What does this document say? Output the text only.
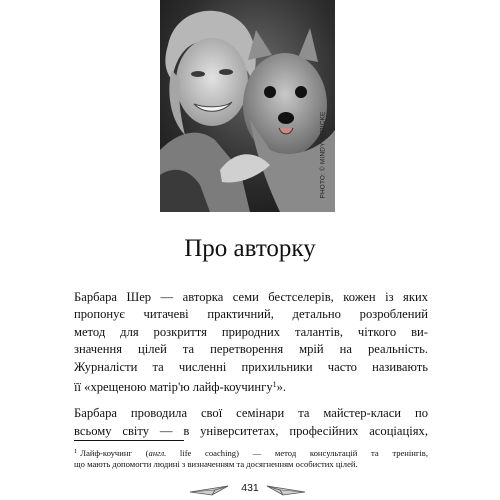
PHOTO: © MINDY STRICKE
Про авторку
Барбара Шер — авторка семи бестселерів, кожен із яких
пропонує читачеві практичний, детально розроблений
метод для розкриття природних талантів, чіткого ви-
значення цілей та перетворення мрій на реальність.
Журналісти та численні прихильники часто називають
її «хрещеною матір'ю лайф-коучингу$^1$».
Барбара проводила свої семінари та майстер-класи по
всьому світу — в університетах, професійних асоціаціях,
$^1$ Лайф-коучинг (англ. life coaching) — метод консультацій та тренінгів,
що мають допомогти людині з визначенням та досягненням особистих цілей.
431
